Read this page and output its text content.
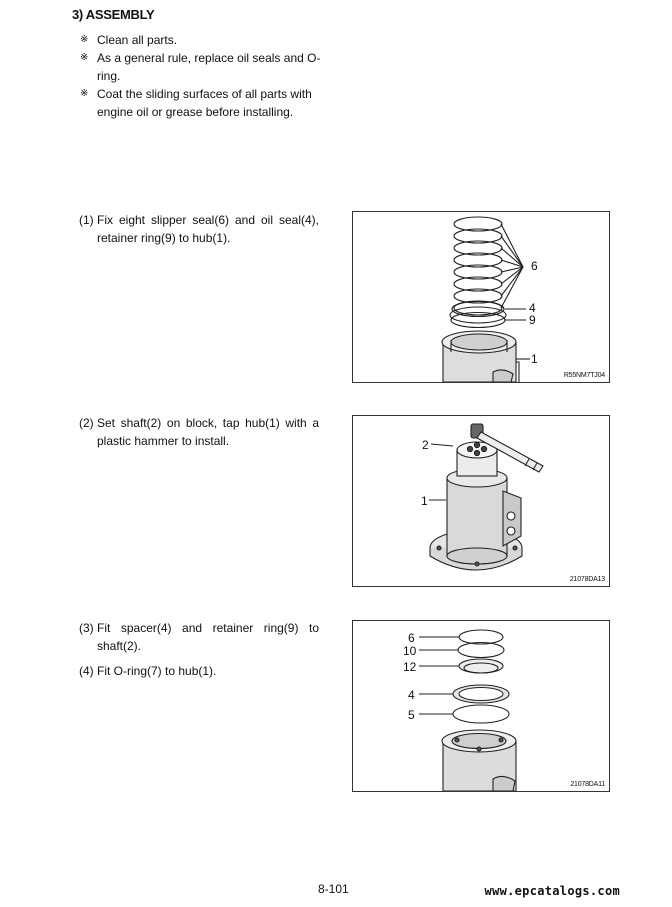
3) ASSEMBLY
※ Clean all parts.
※ As a general rule, replace oil seals and O-ring.
※ Coat the sliding surfaces of all parts with engine oil or grease before installing.
(1) Fix eight slipper seal(6) and oil seal(4), retainer ring(9) to hub(1).
(2) Set shaft(2) on block, tap hub(1) with a plastic hammer to install.
(3) Fit spacer(4) and retainer ring(9) to shaft(2).
(4) Fit O-ring(7) to hub(1).
6
4
9
1
R55NM7TJ04
2
1
21078DA13
6
10
12
4
5
21078DA11
8-101	www.epcatalogs.com
